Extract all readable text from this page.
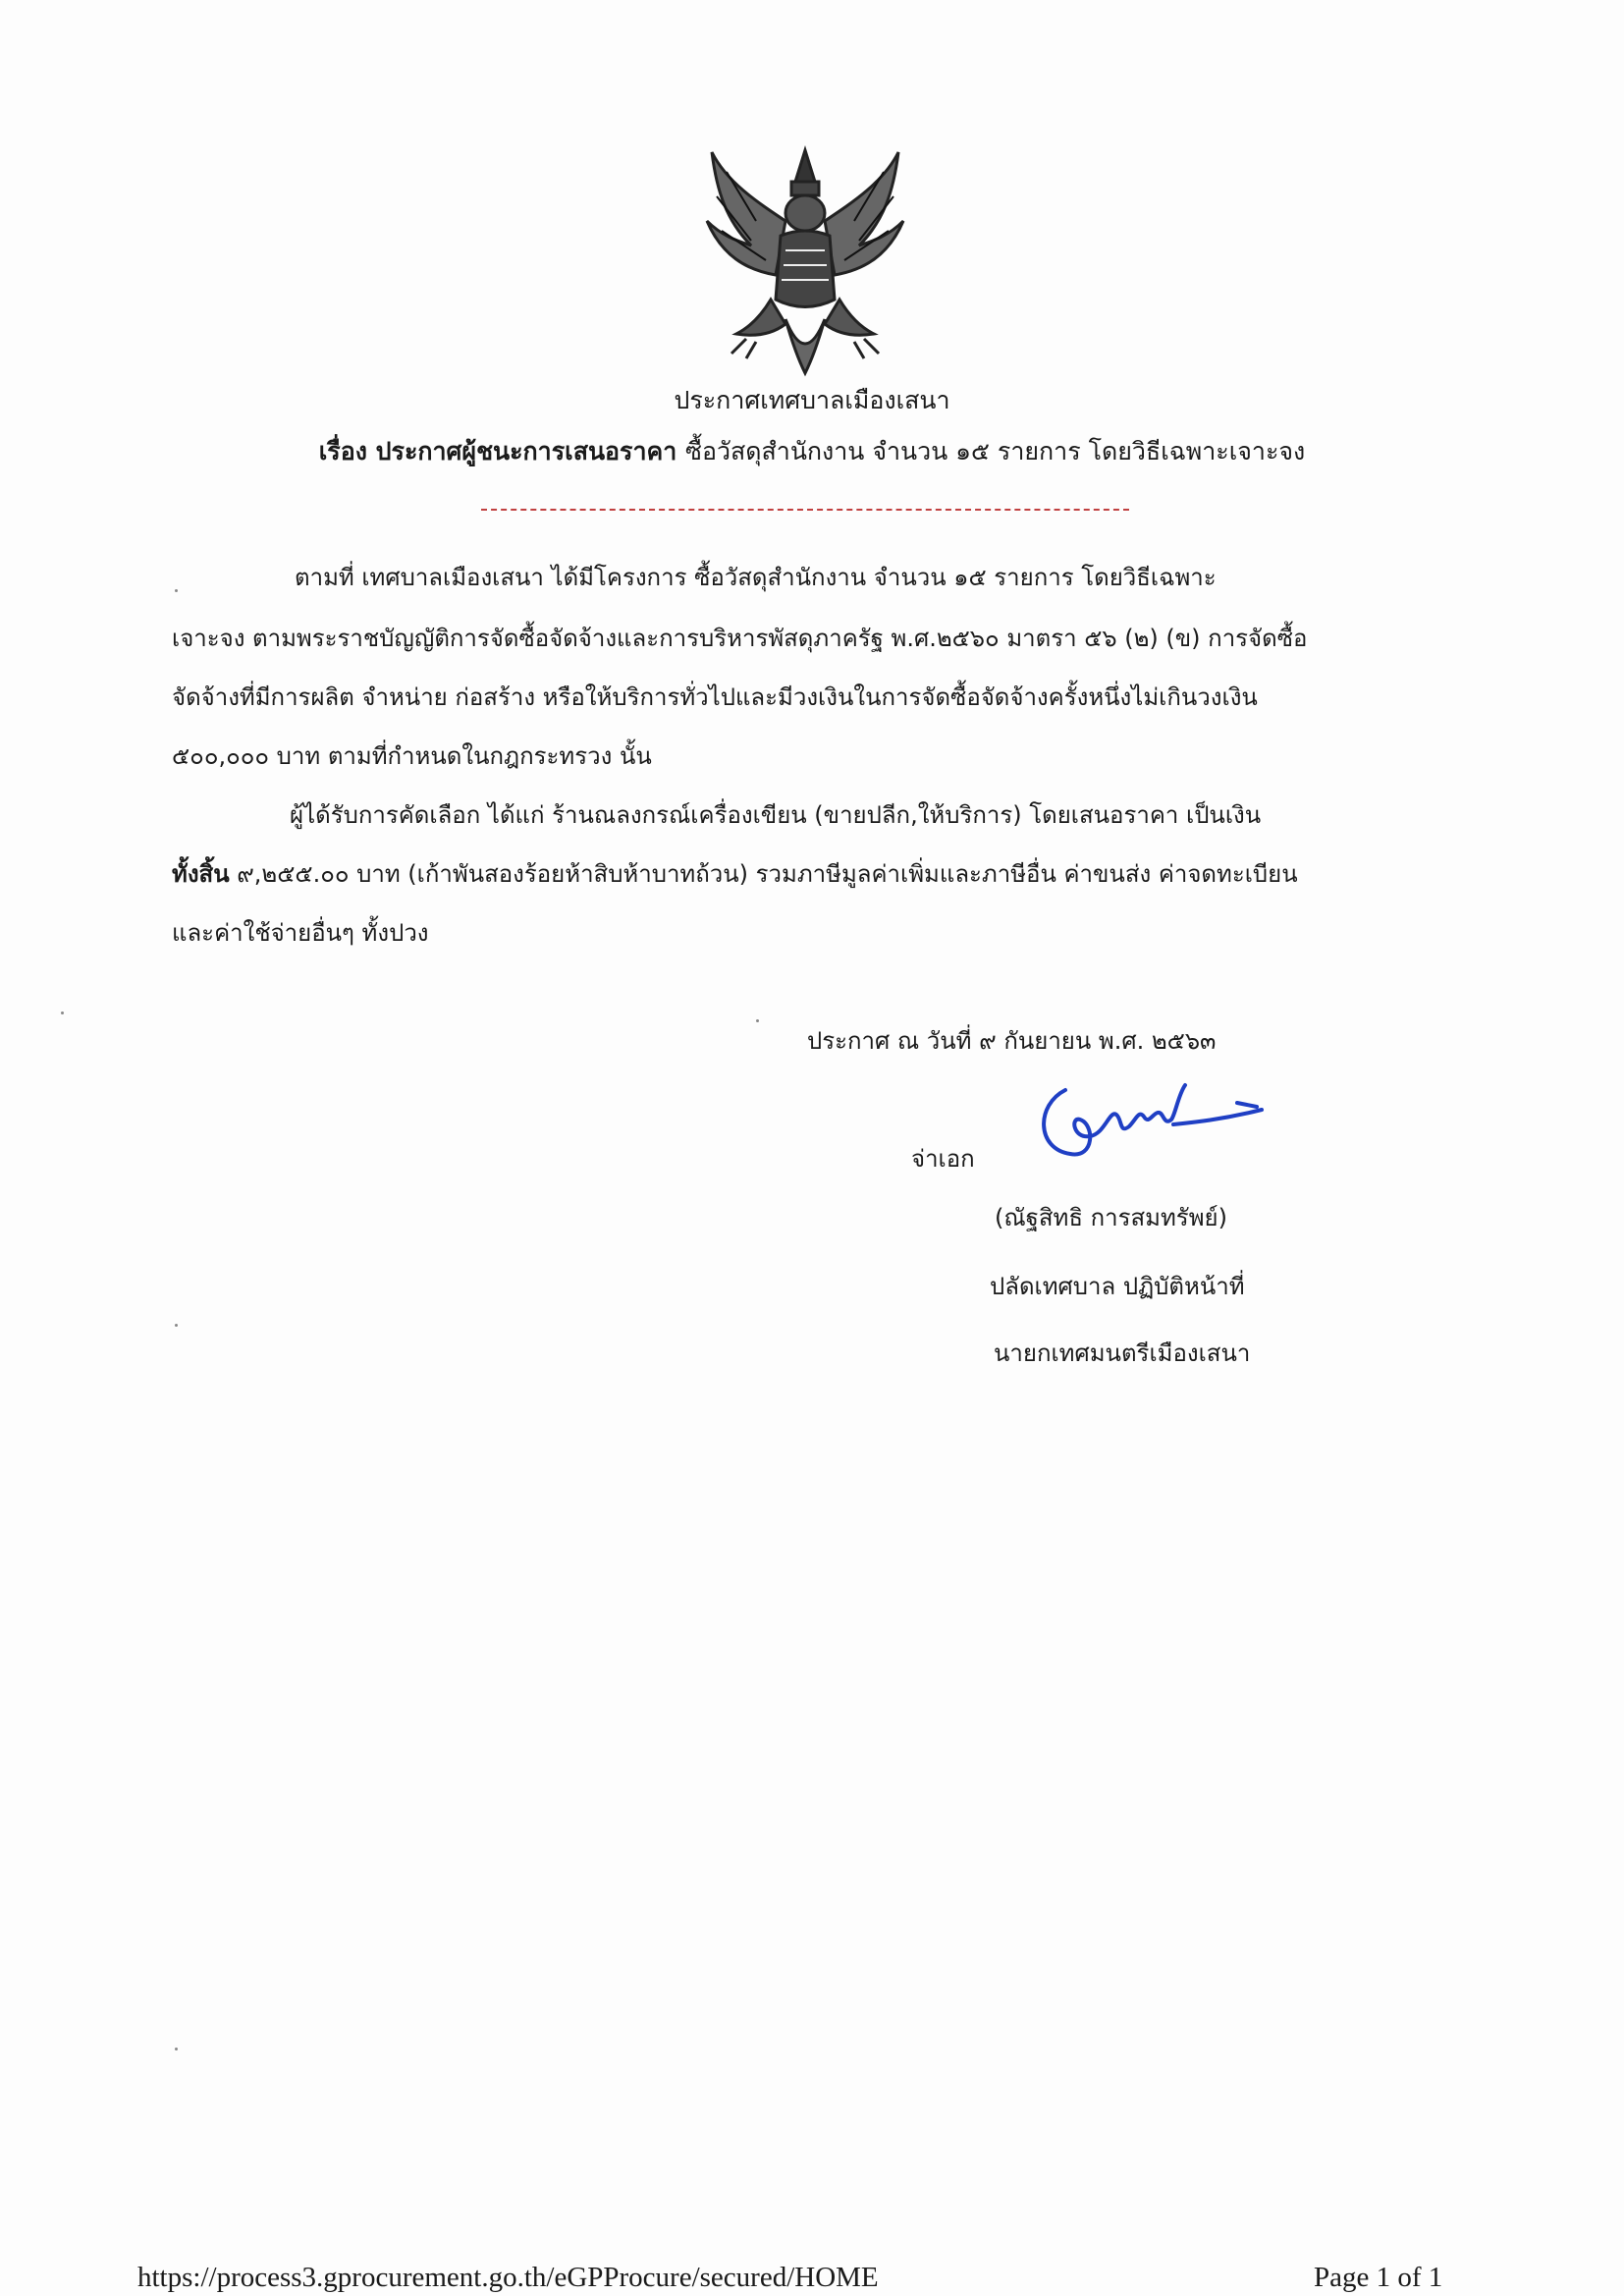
ประกาศเทศบาลเมืองเสนา
เรื่อง ประกาศผู้ชนะการเสนอราคา ซื้อวัสดุสำนักงาน จำนวน ๑๕ รายการ โดยวิธีเฉพาะเจาะจง
ตามที่ เทศบาลเมืองเสนา ได้มีโครงการ ซื้อวัสดุสำนักงาน จำนวน ๑๕ รายการ โดยวิธีเฉพาะ
เจาะจง ตามพระราชบัญญัติการจัดซื้อจัดจ้างและการบริหารพัสดุภาครัฐ พ.ศ.๒๕๖๐ มาตรา ๕๖ (๒) (ข) การจัดซื้อ
จัดจ้างที่มีการผลิต จำหน่าย ก่อสร้าง หรือให้บริการทั่วไปและมีวงเงินในการจัดซื้อจัดจ้างครั้งหนึ่งไม่เกินวงเงิน
๕๐๐,๐๐๐ บาท ตามที่กำหนดในกฎกระทรวง นั้น
ผู้ได้รับการคัดเลือก ได้แก่ ร้านณลงกรณ์เครื่องเขียน (ขายปลีก,ให้บริการ) โดยเสนอราคา เป็นเงิน
ทั้งสิ้น ๙,๒๕๕.๐๐ บาท (เก้าพันสองร้อยห้าสิบห้าบาทถ้วน) รวมภาษีมูลค่าเพิ่มและภาษีอื่น ค่าขนส่ง ค่าจดทะเบียน
และค่าใช้จ่ายอื่นๆ ทั้งปวง
ประกาศ ณ วันที่ ๙ กันยายน พ.ศ. ๒๕๖๓
จ่าเอก
(ณัฐสิทธิ การสมทรัพย์)
ปลัดเทศบาล ปฏิบัติหน้าที่
นายกเทศมนตรีเมืองเสนา
https://process3.gprocurement.go.th/eGPProcure/secured/HOME	Page 1 of 1
